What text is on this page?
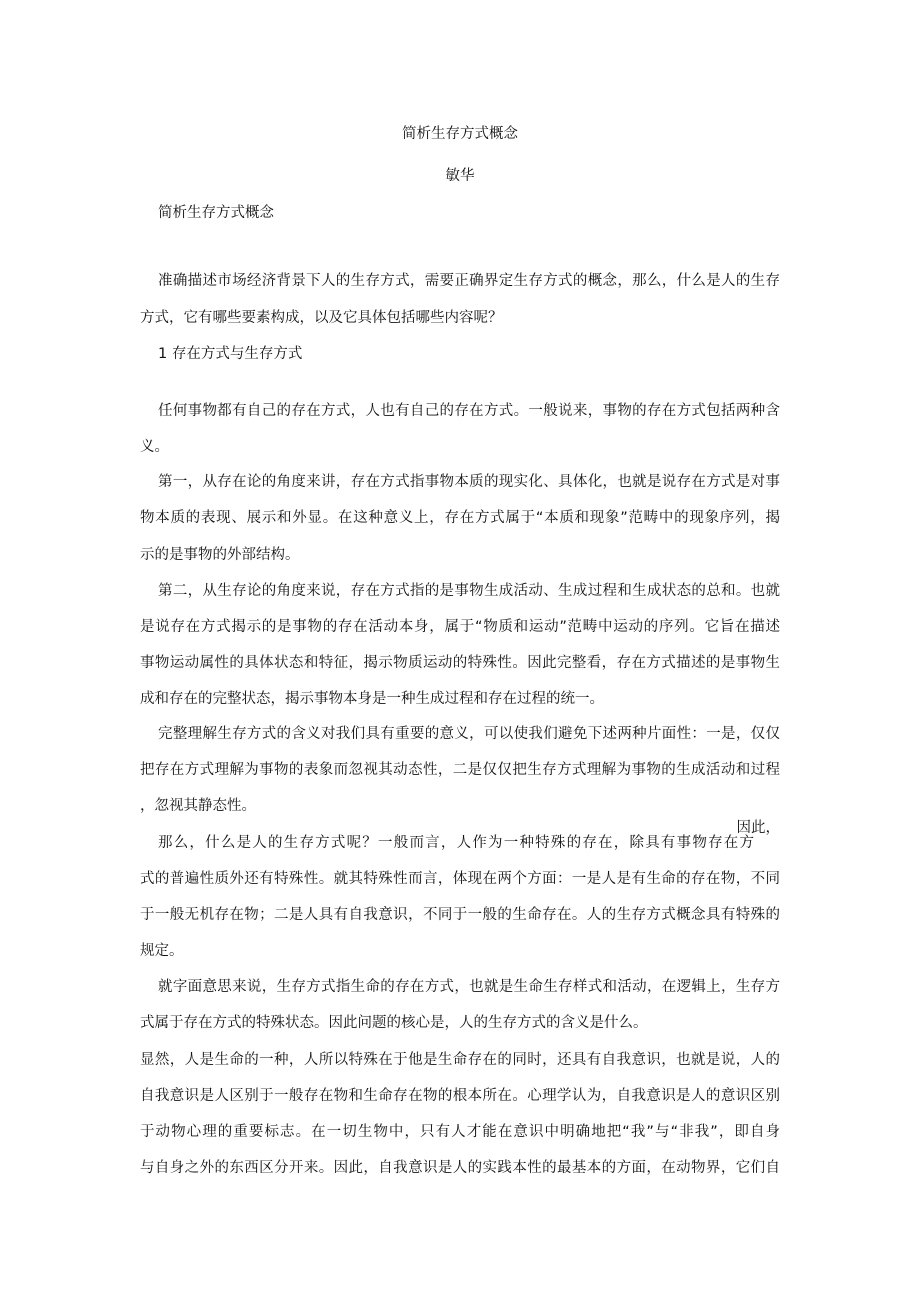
简析生存方式概念
敏华
简析生存方式概念
准确描述市场经济背景下人的生存方式，需要正确界定生存方式的概念，那么，什么是人的生存
方式，它有哪些要素构成，以及它具体包括哪些内容呢？
1 存在方式与生存方式
任何事物都有自己的存在方式，人也有自己的存在方式。一般说来，事物的存在方式包括两种含
义。
第一，从存在论的角度来讲，存在方式指事物本质的现实化、具体化，也就是说存在方式是对事
物本质的表现、展示和外显。在这种意义上，存在方式属于“本质和现象”范畴中的现象序列，揭
示的是事物的外部结构。
第二，从生存论的角度来说，存在方式指的是事物生成活动、生成过程和生成状态的总和。也就
是说存在方式揭示的是事物的存在活动本身，属于“物质和运动”范畴中运动的序列。它旨在描述
事物运动属性的具体状态和特征，揭示物质运动的特殊性。因此完整看，存在方式描述的是事物生
成和存在的完整状态，揭示事物本身是一种生成过程和存在过程的统一。
完整理解生存方式的含义对我们具有重要的意义，可以使我们避免下述两种片面性：一是，仅仅
把存在方式理解为事物的表象而忽视其动态性，二是仅仅把生存方式理解为事物的生成活动和过程
，忽视其静态性。
因此，
那么，什么是人的生存方式呢？一般而言，人作为一种特殊的存在，除具有事物存在方
式的普遍性质外还有特殊性。就其特殊性而言，体现在两个方面：一是人是有生命的存在物，不同
于一般无机存在物；二是人具有自我意识，不同于一般的生命存在。人的生存方式概念具有特殊的
规定。
就字面意思来说，生存方式指生命的存在方式，也就是生命生存样式和活动，在逻辑上，生存方
式属于存在方式的特殊状态。因此问题的核心是，人的生存方式的含义是什么。
显然，人是生命的一种，人所以特殊在于他是生命存在的同时，还具有自我意识，也就是说，人的
自我意识是人区别于一般存在物和生命存在物的根本所在。心理学认为，自我意识是人的意识区别
于动物心理的重要标志。在一切生物中，只有人才能在意识中明确地把“我”与“非我”，即自身
与自身之外的东西区分开来。因此，自我意识是人的实践本性的最基本的方面，在动物界，它们自
